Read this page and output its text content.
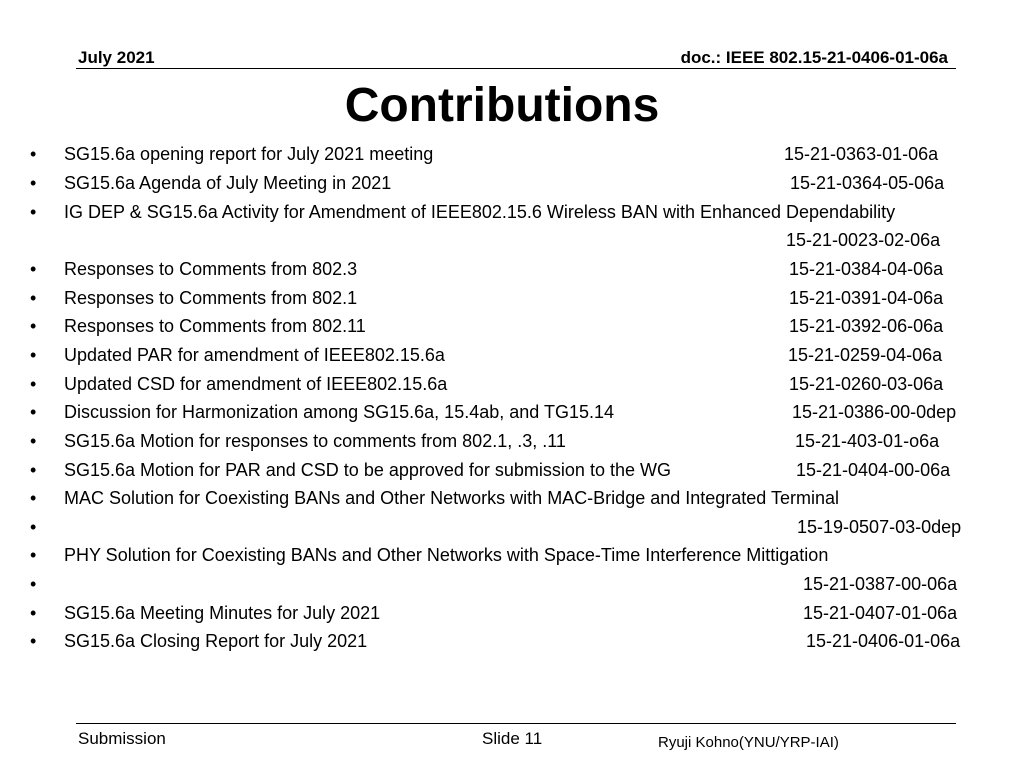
July 2021	doc.: IEEE 802.15-21-0406-01-06a
Contributions
• SG15.6a opening report for July 2021 meeting	15-21-0363-01-06a
• SG15.6a Agenda of July Meeting in 2021	15-21-0364-05-06a
• IG DEP & SG15.6a Activity for Amendment of IEEE802.15.6 Wireless BAN with Enhanced Dependability
15-21-0023-02-06a
• Responses to Comments from 802.3	15-21-0384-04-06a
• Responses to Comments from 802.1	15-21-0391-04-06a
• Responses to Comments from 802.11	15-21-0392-06-06a
• Updated PAR for amendment of IEEE802.15.6a	15-21-0259-04-06a
• Updated CSD for amendment of IEEE802.15.6a	15-21-0260-03-06a
• Discussion for Harmonization among SG15.6a, 15.4ab, and TG15.14	15-21-0386-00-0dep
• SG15.6a Motion for responses to comments from 802.1, .3, .11	15-21-403-01-o6a
• SG15.6a Motion for PAR and CSD to be approved for submission to the WG	15-21-0404-00-06a
• MAC Solution for Coexisting BANs and Other Networks with MAC-Bridge and Integrated Terminal
•	15-19-0507-03-0dep
• PHY Solution for Coexisting BANs and Other Networks with Space-Time Interference Mittigation
•	15-21-0387-00-06a
• SG15.6a Meeting Minutes for July 2021	15-21-0407-01-06a
• SG15.6a Closing Report for July 2021	15-21-0406-01-06a
Submission	Slide 11	Ryuji Kohno(YNU/YRP-IAI)
